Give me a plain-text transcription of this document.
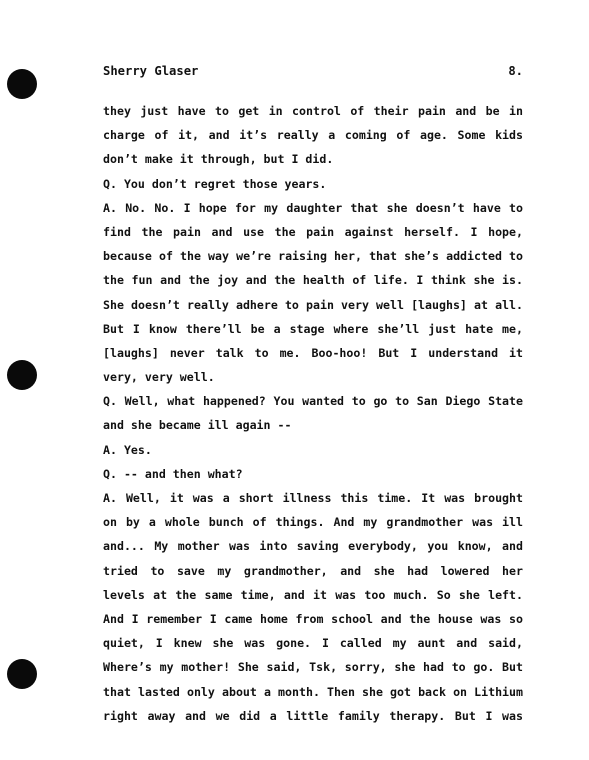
Sherry Glaser	8.
they just have to get in control of their pain and be in
charge of it, and it’s really a coming of age. Some kids
don’t make it through, but I did.
Q. You don’t regret those years.
A. No. No. I hope for my daughter that she doesn’t have to
find the pain and use the pain against herself. I hope,
because of the way we’re raising her, that she’s addicted to
the fun and the joy and the health of life. I think she is.
She doesn’t really adhere to pain very well [laughs] at all.
But I know there’ll be a stage where she’ll just hate me,
[laughs] never talk to me. Boo-hoo! But I understand it
very, very well.
Q. Well, what happened? You wanted to go to San Diego State
and she became ill again --
A. Yes.
Q. -- and then what?
A. Well, it was a short illness this time. It was brought
on by a whole bunch of things. And my grandmother was ill
and... My mother was into saving everybody, you know, and
tried to save my grandmother, and she had lowered her
levels at the same time, and it was too much. So she left.
And I remember I came home from school and the house was so
quiet, I knew she was gone. I called my aunt and said,
Where’s my mother! She said, Tsk, sorry, she had to go. But
that lasted only about a month. Then she got back on Lithium
right away and we did a little family therapy. But I was
